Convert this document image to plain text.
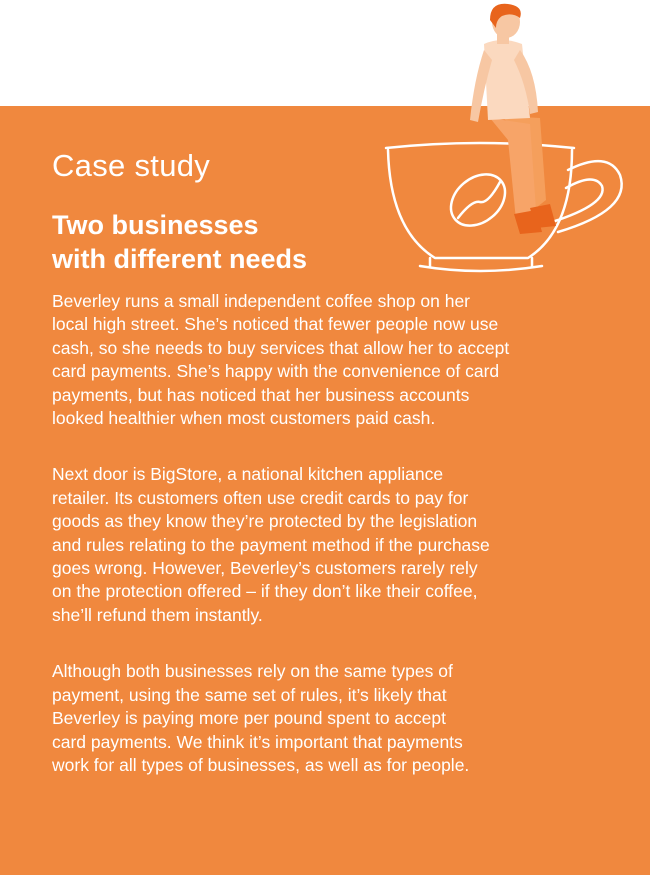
Case study
Two businesses
with different needs

Beverley runs a small independent coffee shop on her
local high street. She’s noticed that fewer people now use
cash, so she needs to buy services that allow her to accept
card payments. She’s happy with the convenience of card
payments, but has noticed that her business accounts
looked healthier when most customers paid cash.

Next door is BigStore, a national kitchen appliance
retailer. Its customers often use credit cards to pay for
goods as they know they’re protected by the legislation
and rules relating to the payment method if the purchase
goes wrong. However, Beverley’s customers rarely rely
on the protection offered – if they don’t like their coffee,
she’ll refund them instantly.

Although both businesses rely on the same types of
payment, using the same set of rules, it’s likely that
Beverley is paying more per pound spent to accept
card payments. We think it’s important that payments
work for all types of businesses, as well as for people.
